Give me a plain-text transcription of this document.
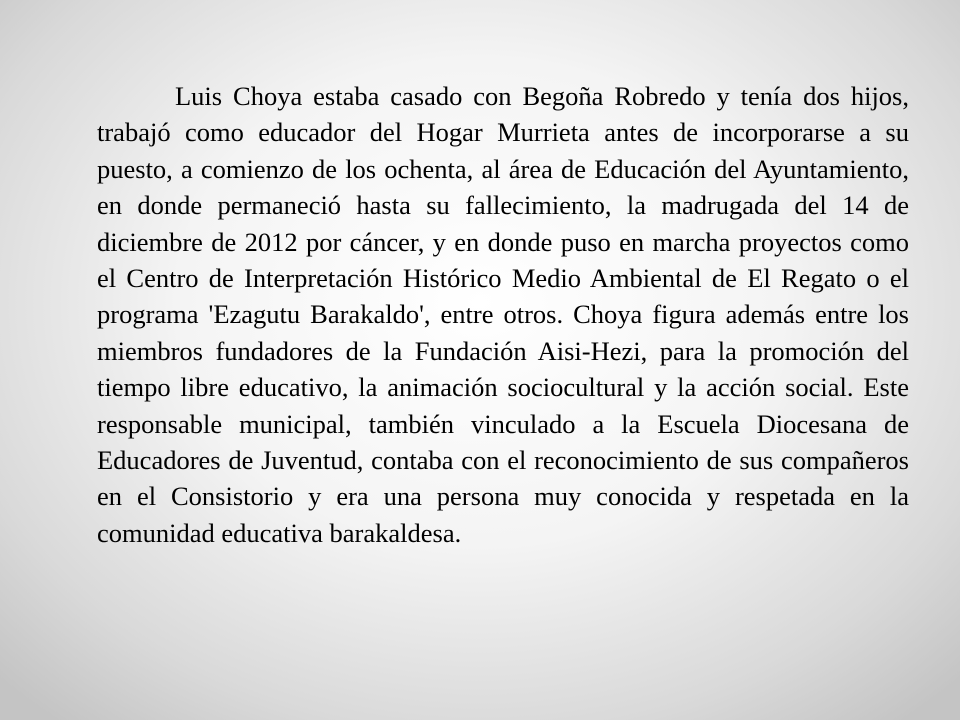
Luis Choya estaba casado con Begoña Robredo y tenía dos hijos, trabajó como educador del Hogar Murrieta antes de incorporarse a su puesto, a comienzo de los ochenta, al área de Educación del Ayuntamiento, en donde permaneció hasta su fallecimiento, la madrugada del 14 de diciembre de 2012 por cáncer, y en donde puso en marcha proyectos como el Centro de Interpretación Histórico Medio Ambiental de El Regato o el programa 'Ezagutu Barakaldo', entre otros. Choya figura además entre los miembros fundadores de la Fundación Aisi-Hezi, para la promoción del tiempo libre educativo, la animación sociocultural y la acción social. Este responsable municipal, también vinculado a la Escuela Diocesana de Educadores de Juventud, contaba con el reconocimiento de sus compañeros en el Consistorio y era una persona muy conocida y respetada en la comunidad educativa barakaldesa.
